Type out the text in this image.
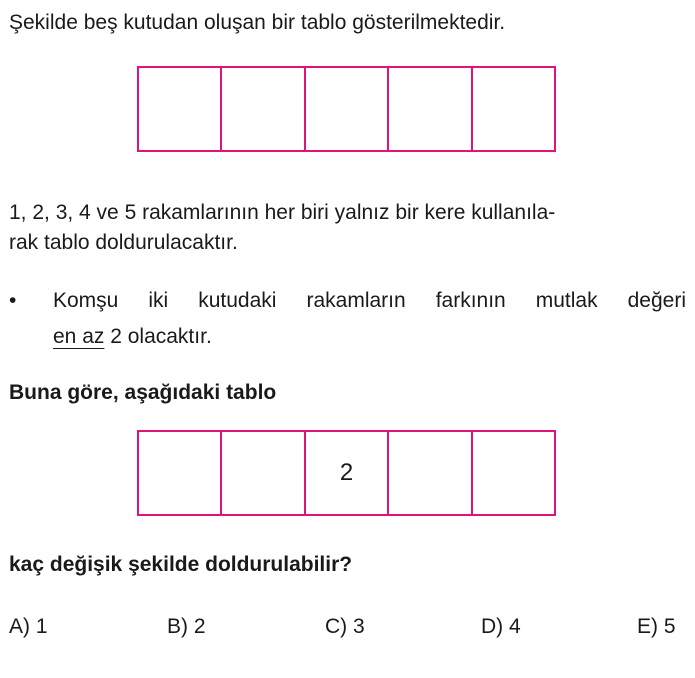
Şekilde beş kutudan oluşan bir tablo gösterilmektedir.
1, 2, 3, 4 ve 5 rakamlarının her biri yalnız bir kere kullanıla-
rak tablo doldurulacaktır.
• Komşu iki kutudaki rakamların farkının mutlak değeri
en az 2 olacaktır.
Buna göre, aşağıdaki tablo
2
kaç değişik şekilde doldurulabilir?
A) 1	B) 2	C) 3	D) 4	E) 5
